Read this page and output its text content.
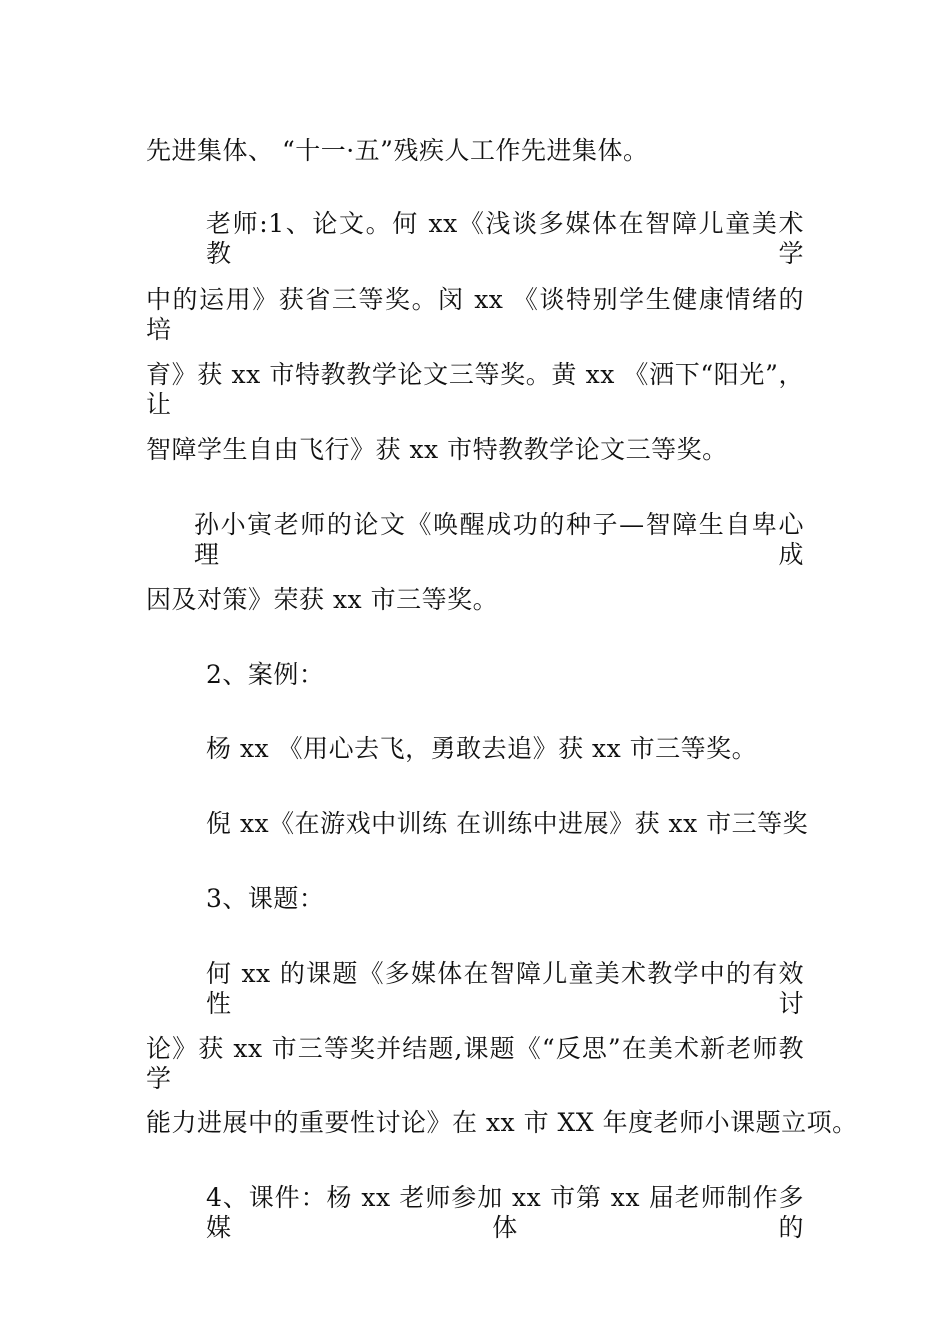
先进集体、 “十一·五”残疾人工作先进集体。
老师:1、论文。何 xx《浅谈多媒体在智障儿童美术教学
中的运用》获省三等奖。闵 xx 《谈特别学生健康情绪的培
育》获 xx 市特教教学论文三等奖。黄 xx 《洒下“阳光”，让
智障学生自由飞行》获 xx 市特教教学论文三等奖。
孙小寅老师的论文《唤醒成功的种子—智障生自卑心理成
因及对策》荣获 xx 市三等奖。
2、案例：
杨 xx 《用心去飞，勇敢去追》获 xx 市三等奖。
倪 xx《在游戏中训练 在训练中进展》获 xx 市三等奖
3、课题：
何 xx 的课题《多媒体在智障儿童美术教学中的有效性讨
论》获 xx 市三等奖并结题,课题《“反思”在美术新老师教学
能力进展中的重要性讨论》在 xx 市 XX 年度老师小课题立项。
4、课件：杨 xx 老师参加 xx 市第 xx 届老师制作多媒体的
